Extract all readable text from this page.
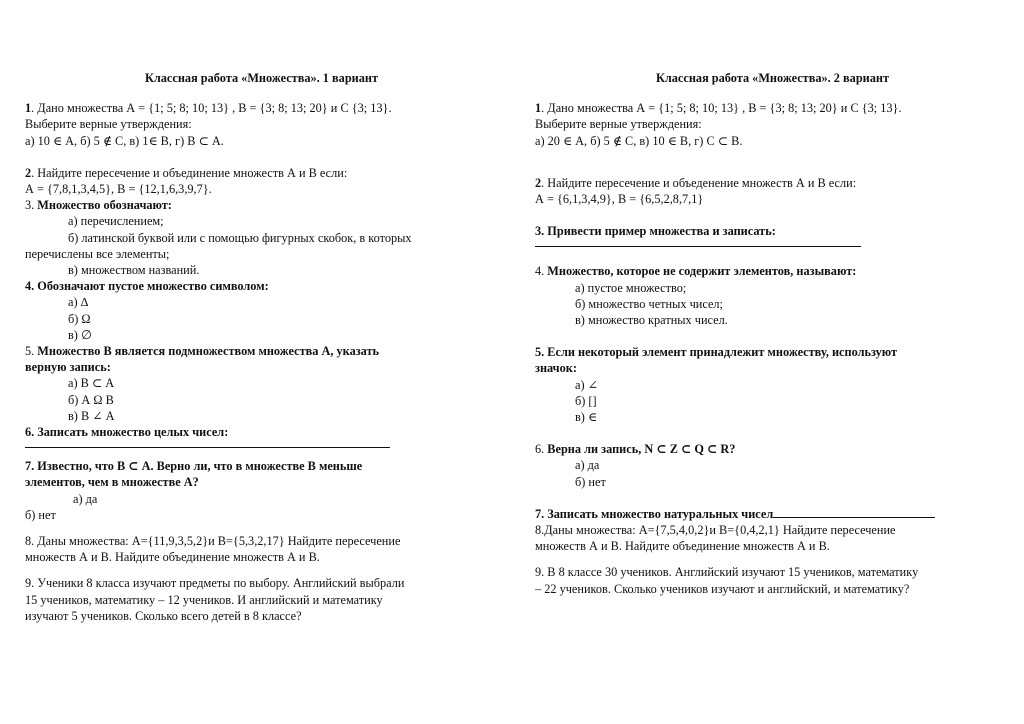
Классная работа «Множества». 1 вариант
1. Дано множества А = {1; 5; 8; 10; 13} , В = {3; 8; 13; 20} и С {3; 13}.
Выберите верные утверждения:
а) 10 ∈ А, б) 5 ∉ С, в) 1∈ В, г) В ⊂ А.
2. Найдите пересечение и объединение множеств А и В если:
А = {7,8,1,3,4,5}, В = {12,1,6,3,9,7}.
3. Множество обозначают:
а) перечислением;
б) латинской буквой или с помощью фигурных скобок, в которых
перечислены все элементы;
в) множеством названий.
4. Обозначают пустое множество символом:
а) ∆
б) Ω
в) ∅
5. Множество В является подмножеством множества А, указать
верную запись:
а) В ⊂ А
б) А Ω В
в) В ∠ А
6. Записать множество целых чисел:
7. Известно, что В ⊂ А. Верно ли, что в множестве В меньше
элементов, чем в множестве А?
а) да
б) нет
8. Даны множества: А={11,9,3,5,2}и В={5,3,2,17} Найдите пересечение
множеств А и В. Найдите объединение множеств А и В.
9. Ученики 8 класса изучают предметы по выбору. Английский выбрали
15 учеников, математику – 12 учеников. И английский и математику
изучают 5 учеников. Сколько всего детей в 8 классе?
Классная работа «Множества». 2 вариант
1. Дано множества А = {1; 5; 8; 10; 13} , В = {3; 8; 13; 20} и С {3; 13}.
Выберите верные утверждения:
а) 20 ∈ А, б) 5 ∉ С, в) 10 ∈ В, г) С ⊂ В.
2. Найдите пересечение и объеденение множеств А и В если:
А = {6,1,3,4,9}, В = {6,5,2,8,7,1}
3. Привести пример множества и записать:
4. Множество, которое не содержит элементов, называют:
а) пустое множество;
б) множество четных чисел;
в) множество кратных чисел.
5. Если некоторый элемент принадлежит множеству, используют
значок:
а) ∠
б) []
в) ∈
6. Верна ли запись, N ⊂ Z ⊂ Q ⊂ R?
а) да
б) нет
7. Записать множество натуральных чисел
8.Даны множества: А={7,5,4,0,2}и В={0,4,2,1} Найдите пересечение
множеств А и В. Найдите объединение множеств А и В.
9. В 8 классе 30 учеников. Английский изучают 15 учеников, математику
– 22 учеников. Сколько учеников изучают и английский, и математику?
